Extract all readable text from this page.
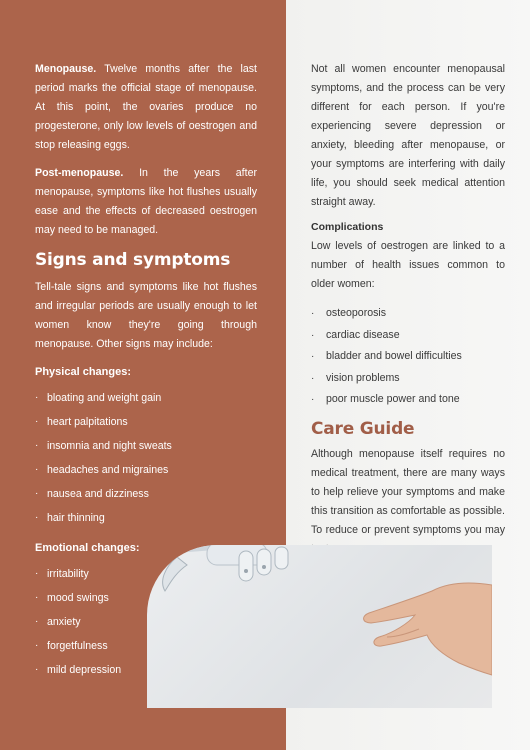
Menopause. Twelve months after the last period marks the official stage of menopause. At this point, the ovaries produce no progesterone, only low levels of oestrogen and stop releasing eggs.

Post-menopause. In the years after menopause, symptoms like hot flushes usually ease and the effects of decreased oestrogen may need to be managed.

Signs and symptoms

Tell-tale signs and symptoms like hot flushes and irregular periods are usually enough to let women know they're going through menopause. Other signs may include:

Physical changes:
· bloating and weight gain
· heart palpitations
· insomnia and night sweats
· headaches and migraines
· nausea and dizziness
· hair thinning
Emotional changes:
· irritability
· mood swings
· anxiety
· forgetfulness
· mild depression

Not all women encounter menopausal symptoms, and the process can be very different for each person. If you're experiencing severe depression or anxiety, bleeding after menopause, or your symptoms are interfering with daily life, you should seek medical attention straight away.

Complications

Low levels of oestrogen are linked to a number of health issues common to older women:

· osteoporosis
· cardiac disease
· bladder and bowel difficulties
· vision problems
· poor muscle power and tone
Care Guide

Although menopause itself requires no medical treatment, there are many ways to help relieve your symptoms and make this transition as comfortable as possible. To reduce or prevent symptoms you may
